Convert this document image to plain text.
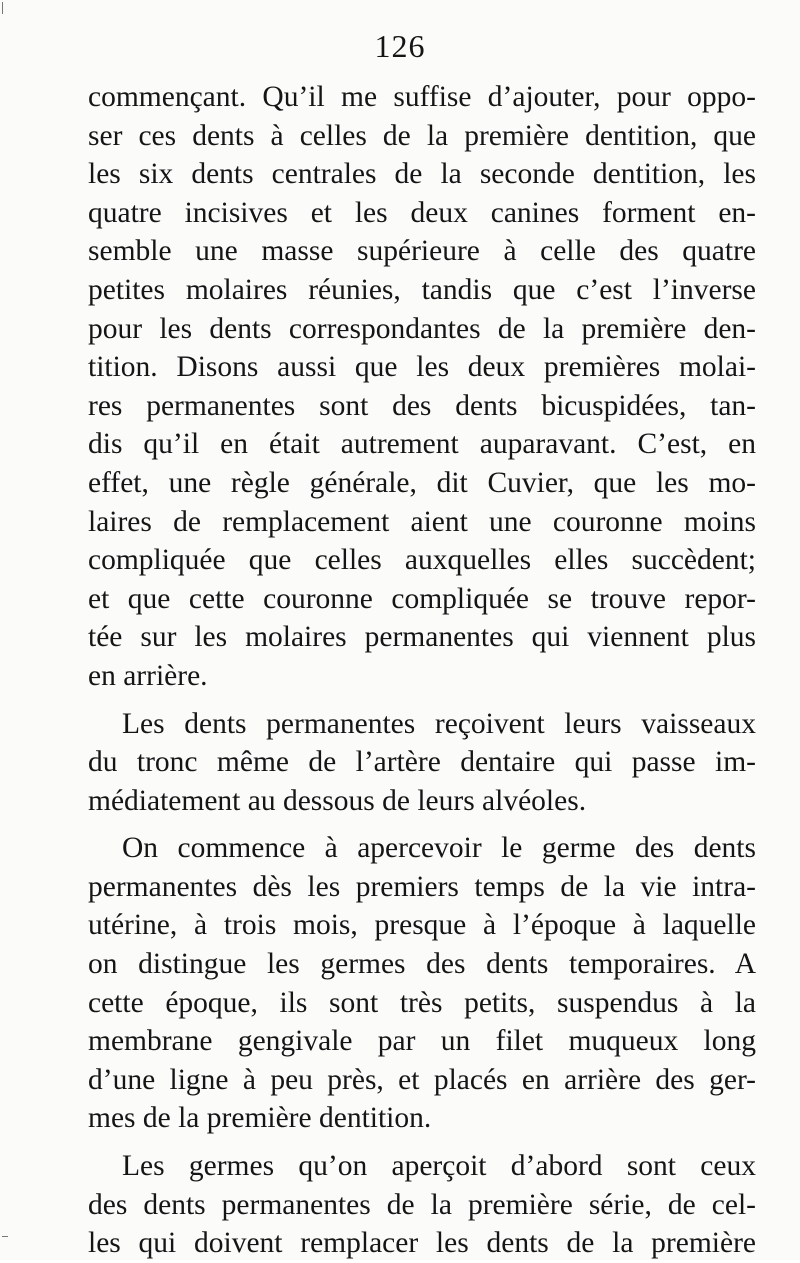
126
commençant. Qu’il me suffise d’ajouter, pour oppo-
ser ces dents à celles de la première dentition, que
les six dents centrales de la seconde dentition, les
quatre incisives et les deux canines forment en-
semble une masse supérieure à celle des quatre
petites molaires réunies, tandis que c’est l’inverse
pour les dents correspondantes de la première den-
tition. Disons aussi que les deux premières molai-
res permanentes sont des dents bicuspidées, tan-
dis qu’il en était autrement auparavant. C’est, en
effet, une règle générale, dit Cuvier, que les mo-
laires de remplacement aient une couronne moins
compliquée que celles auxquelles elles succèdent;
et que cette couronne compliquée se trouve repor-
tée sur les molaires permanentes qui viennent plus
en arrière.
Les dents permanentes reçoivent leurs vaisseaux
du tronc même de l’artère dentaire qui passe im-
médiatement au dessous de leurs alvéoles.
On commence à apercevoir le germe des dents
permanentes dès les premiers temps de la vie intra-
utérine, à trois mois, presque à l’époque à laquelle
on distingue les germes des dents temporaires. A
cette époque, ils sont très petits, suspendus à la
membrane gengivale par un filet muqueux long
d’une ligne à peu près, et placés en arrière des ger-
mes de la première dentition.
Les germes qu’on aperçoit d’abord sont ceux
des dents permanentes de la première série, de cel-
les qui doivent remplacer les dents de la première
